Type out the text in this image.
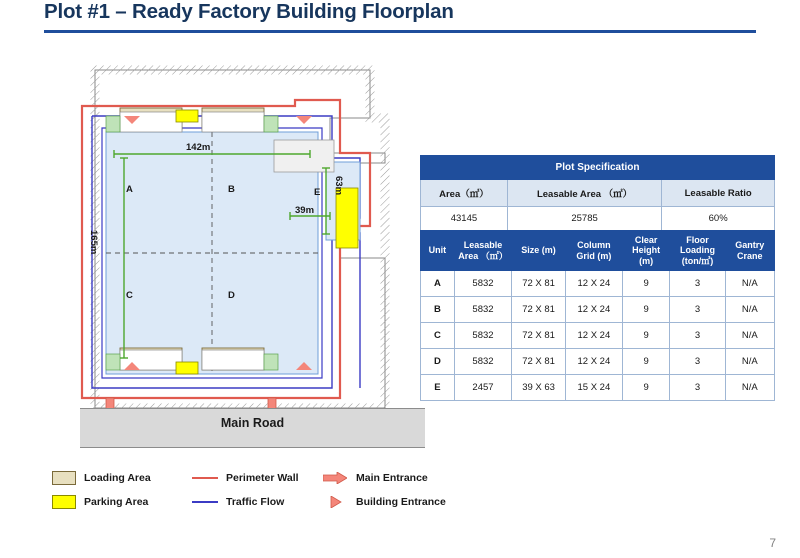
Plot #1 – Ready Factory Building Floorplan
A	B
C	D
E
142m
165m
39m
63m
Main Road
Loading Area	Perimeter Wall	Main Entrance
Parking Area	Traffic Flow	Building Entrance
Plot Specification		
Area（㎡）	Leasable Area （㎡）	Leasable Ratio
43145	25785	60%
Unit	Leasable Area （㎡）	Size (m)	Column Grid (m)	Clear Height (m)	Floor Loading (ton/㎡)	Gantry Crane
A	5832	72 X 81	12 X 24	9	3	N/A
B	5832	72 X 81	12 X 24	9	3	N/A
C	5832	72 X 81	12 X 24	9	3	N/A
D	5832	72 X 81	12 X 24	9	3	N/A
E	2457	39 X 63	15 X 24	9	3	N/A
7
